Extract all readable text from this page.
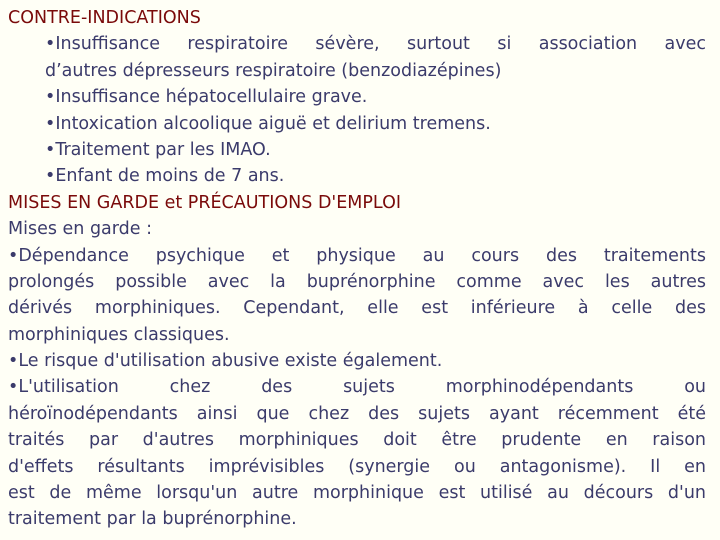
CONTRE-INDICATIONS
•Insuffisance respiratoire sévère, surtout si association avec
d’autres dépresseurs respiratoire (benzodiazépines)
•Insuffisance hépatocellulaire grave.
•Intoxication alcoolique aiguë et delirium tremens.
•Traitement par les IMAO.
•Enfant de moins de 7 ans.
MISES EN GARDE et PRÉCAUTIONS D'EMPLOI
Mises en garde :
•Dépendance psychique et physique au cours des traitements
prolongés possible avec la buprénorphine comme avec les autres
dérivés morphiniques. Cependant, elle est inférieure à celle des
morphiniques classiques.
•Le risque d'utilisation abusive existe également.
•L'utilisation chez des sujets morphinodépendants ou
héroïnodépendants ainsi que chez des sujets ayant récemment été
traités par d'autres morphiniques doit être prudente en raison
d'effets résultants imprévisibles (synergie ou antagonisme). Il en
est de même lorsqu'un autre morphinique est utilisé au décours d'un
traitement par la buprénorphine.
